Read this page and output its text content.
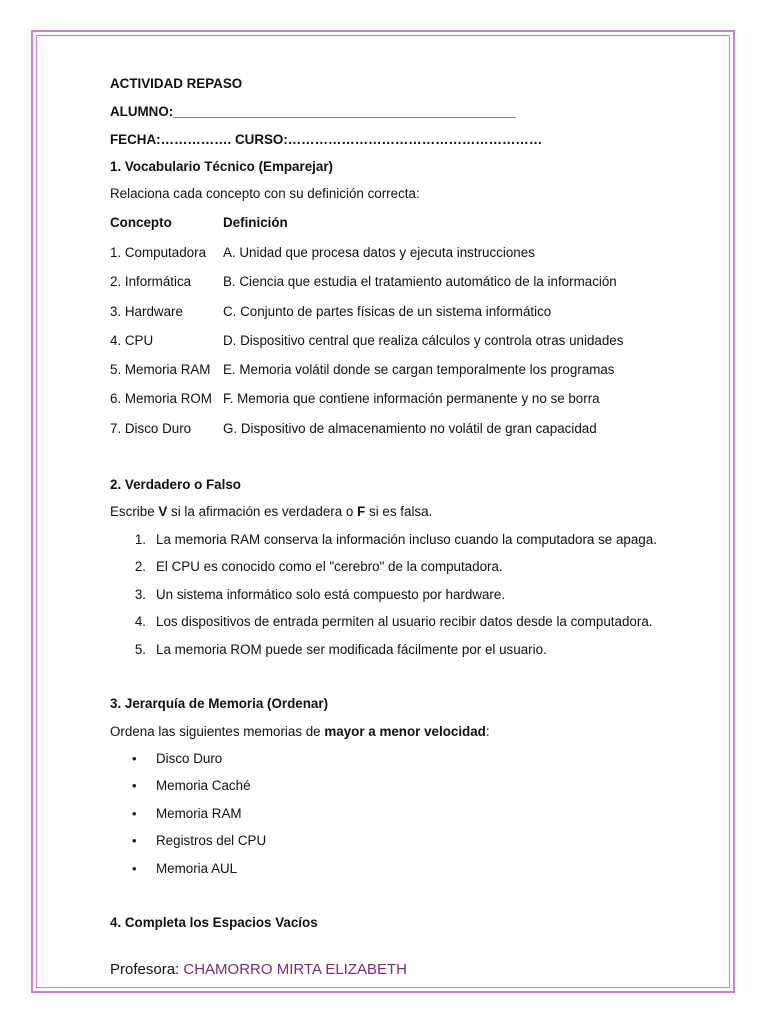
ACTIVIDAD REPASO
ALUMNO:______________________________________________
FECHA:……………. CURSO:…………………………………………………
1. Vocabulario Técnico (Emparejar)
Relaciona cada concepto con su definición correcta:
Concepto	Definición
1. Computadora A. Unidad que procesa datos y ejecuta instrucciones
2. Informática B. Ciencia que estudia el tratamiento automático de la información
3. Hardware	C. Conjunto de partes físicas de un sistema informático
4. CPU	D. Dispositivo central que realiza cálculos y controla otras unidades
5. Memoria RAM E. Memoria volátil donde se cargan temporalmente los programas
6. Memoria ROM F. Memoria que contiene información permanente y no se borra
7. Disco Duro G. Dispositivo de almacenamiento no volátil de gran capacidad
2. Verdadero o Falso
Escribe V si la afirmación es verdadera o F si es falsa.
1. La memoria RAM conserva la información incluso cuando la computadora se apaga.
2. El CPU es conocido como el "cerebro" de la computadora.
3. Un sistema informático solo está compuesto por hardware.
4. Los dispositivos de entrada permiten al usuario recibir datos desde la computadora.
5. La memoria ROM puede ser modificada fácilmente por el usuario.
3. Jerarquía de Memoria (Ordenar)
Ordena las siguientes memorias de mayor a menor velocidad:
• Disco Duro
• Memoria Caché
• Memoria RAM
• Registros del CPU
• Memoria AUL
4. Completa los Espacios Vacíos
Profesora: CHAMORRO MIRTA ELIZABETH
